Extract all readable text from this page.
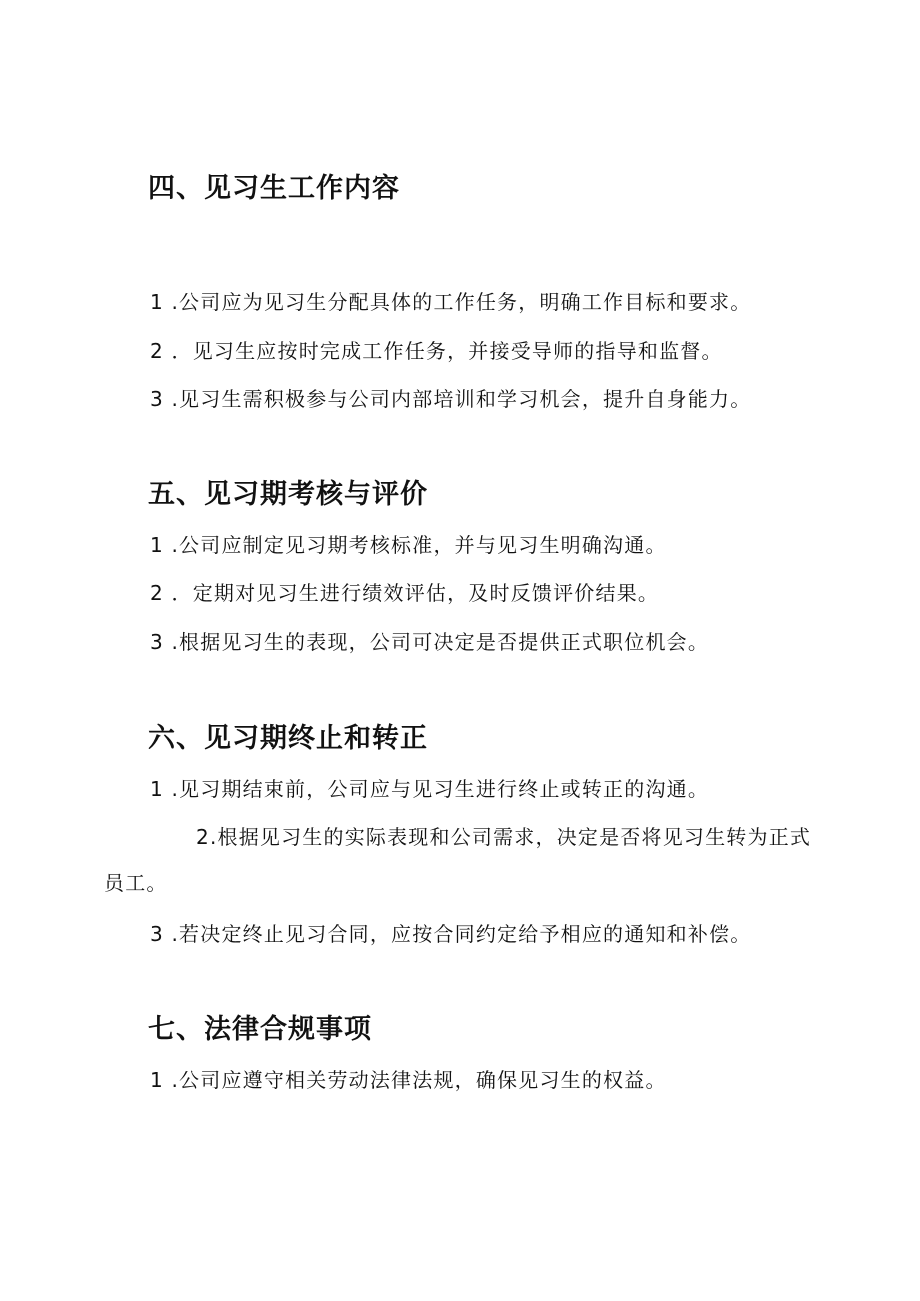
四、见习生工作内容
1 .公司应为见习生分配具体的工作任务，明确工作目标和要求。
2 ．见习生应按时完成工作任务，并接受导师的指导和监督。
3 .见习生需积极参与公司内部培训和学习机会，提升自身能力。
五、见习期考核与评价
1 .公司应制定见习期考核标准，并与见习生明确沟通。
2 ．定期对见习生进行绩效评估，及时反馈评价结果。
3 .根据见习生的表现，公司可决定是否提供正式职位机会。
六、见习期终止和转正
1 .见习期结束前，公司应与见习生进行终止或转正的沟通。
2.根据见习生的实际表现和公司需求，决定是否将见习生转为正式员工。
3 .若决定终止见习合同，应按合同约定给予相应的通知和补偿。
七、法律合规事项
1 .公司应遵守相关劳动法律法规，确保见习生的权益。
